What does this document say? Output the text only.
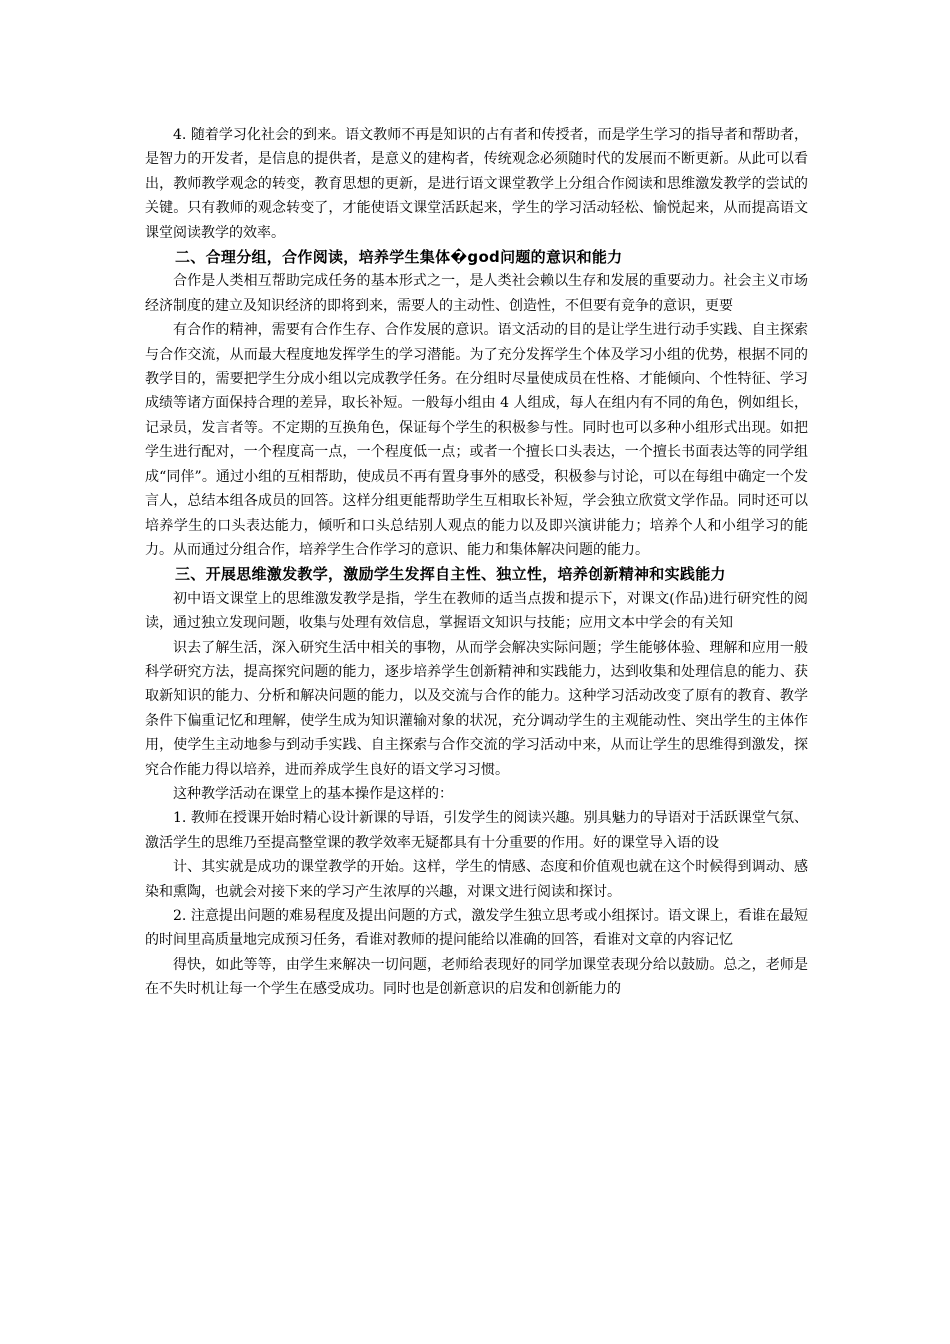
4. 随着学习化社会的到来。语文教师不再是知识的占有者和传授者，而是学生学习的指导者和帮助者，是智力的开发者，是信息的提供者，是意义的建构者，传统观念必须随时代的发展而不断更新。从此可以看出，教师教学观念的转变，教育思想的更新，是进行语文课堂教学上分组合作阅读和思维激发教学的尝试的关键。只有教师的观念转变了，才能使语文课堂活跃起来，学生的学习活动轻松、愉悦起来，从而提高语文课堂阅读教学的效率。

二、合理分组，合作阅读，培养学生集体�god问题的意识和能力

合作是人类相互帮助完成任务的基本形式之一，是人类社会赖以生存和发展的重要动力。社会主义市场经济制度的建立及知识经济的即将到来，需要人的主动性、创造性，不但要有竞争的意识，更要

有合作的精神，需要有合作生存、合作发展的意识。语文活动的目的是让学生进行动手实践、自主探索与合作交流，从而最大程度地发挥学生的学习潜能。为了充分发挥学生个体及学习小组的优势，根据不同的教学目的，需要把学生分成小组以完成教学任务。在分组时尽量使成员在性格、才能倾向、个性特征、学习成绩等诸方面保持合理的差异，取长补短。一般每小组由 4 人组成，每人在组内有不同的角色，例如组长，记录员，发言者等。不定期的互换角色，保证每个学生的积极参与性。同时也可以多种小组形式出现。如把学生进行配对，一个程度高一点，一个程度低一点；或者一个擅长口头表达，一个擅长书面表达等的同学组成“同伴”。通过小组的互相帮助，使成员不再有置身事外的感受，积极参与讨论，可以在每组中确定一个发言人，总结本组各成员的回答。这样分组更能帮助学生互相取长补短，学会独立欣赏文学作品。同时还可以培养学生的口头表达能力，倾听和口头总结别人观点的能力以及即兴演讲能力；培养个人和小组学习的能力。从而通过分组合作，培养学生合作学习的意识、能力和集体解决问题的能力。

三、开展思维激发教学，激励学生发挥自主性、独立性，培养创新精神和实践能力

初中语文课堂上的思维激发教学是指，学生在教师的适当点拨和提示下，对课文(作品)进行研究性的阅读，通过独立发现问题，收集与处理有效信息，掌握语文知识与技能；应用文本中学会的有关知

识去了解生活，深入研究生活中相关的事物，从而学会解决实际问题；学生能够体验、理解和应用一般科学研究方法，提高探究问题的能力，逐步培养学生创新精神和实践能力，达到收集和处理信息的能力、获取新知识的能力、分析和解决问题的能力，以及交流与合作的能力。这种学习活动改变了原有的教育、教学条件下偏重记忆和理解，使学生成为知识灌输对象的状况，充分调动学生的主观能动性、突出学生的主体作用，使学生主动地参与到动手实践、自主探索与合作交流的学习活动中来，从而让学生的思维得到激发，探究合作能力得以培养，进而养成学生良好的语文学习习惯。

这种教学活动在课堂上的基本操作是这样的：

1. 教师在授课开始时精心设计新课的导语，引发学生的阅读兴趣。别具魅力的导语对于活跃课堂气氛、激活学生的思维乃至提高整堂课的教学效率无疑都具有十分重要的作用。好的课堂导入语的设

计、其实就是成功的课堂教学的开始。这样，学生的情感、态度和价值观也就在这个时候得到调动、感染和熏陶，也就会对接下来的学习产生浓厚的兴趣，对课文进行阅读和探讨。

2. 注意提出问题的难易程度及提出问题的方式，激发学生独立思考或小组探讨。语文课上，看谁在最短的时间里高质量地完成预习任务，看谁对教师的提问能给以准确的回答，看谁对文章的内容记忆

得快，如此等等，由学生来解决一切问题，老师给表现好的同学加课堂表现分给以鼓励。总之，老师是在不失时机让每一个学生在感受成功。同时也是创新意识的启发和创新能力的
